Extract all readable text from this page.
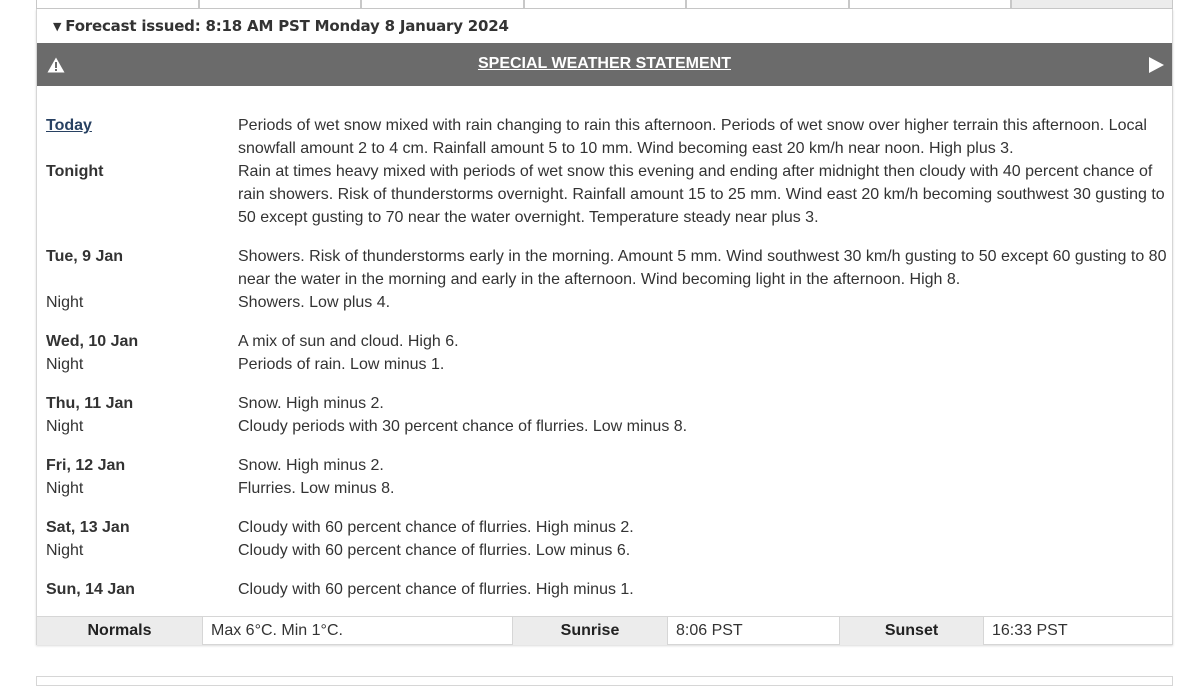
▼ Forecast issued: 8:18 AM PST Monday 8 January 2024
SPECIAL WEATHER STATEMENT
Today	Periods of wet snow mixed with rain changing to rain this afternoon. Periods of wet snow over higher terrain this afternoon. Local snowfall amount 2 to 4 cm. Rainfall amount 5 to 10 mm. Wind becoming east 20 km/h near noon. High plus 3.
Tonight	Rain at times heavy mixed with periods of wet snow this evening and ending after midnight then cloudy with 40 percent chance of rain showers. Risk of thunderstorms overnight. Rainfall amount 15 to 25 mm. Wind east 20 km/h becoming southwest 30 gusting to 50 except gusting to 70 near the water overnight. Temperature steady near plus 3.
Tue, 9 Jan	Showers. Risk of thunderstorms early in the morning. Amount 5 mm. Wind southwest 30 km/h gusting to 50 except 60 gusting to 80 near the water in the morning and early in the afternoon. Wind becoming light in the afternoon. High 8.
Night	Showers. Low plus 4.
Wed, 10 Jan	A mix of sun and cloud. High 6.
Night	Periods of rain. Low minus 1.
Thu, 11 Jan	Snow. High minus 2.
Night	Cloudy periods with 30 percent chance of flurries. Low minus 8.
Fri, 12 Jan	Snow. High minus 2.
Night	Flurries. Low minus 8.
Sat, 13 Jan	Cloudy with 60 percent chance of flurries. High minus 2.
Night	Cloudy with 60 percent chance of flurries. Low minus 6.
Sun, 14 Jan	Cloudy with 60 percent chance of flurries. High minus 1.
Normals	Max 6°C. Min 1°C.	Sunrise	8:06 PST	Sunset	16:33 PST
